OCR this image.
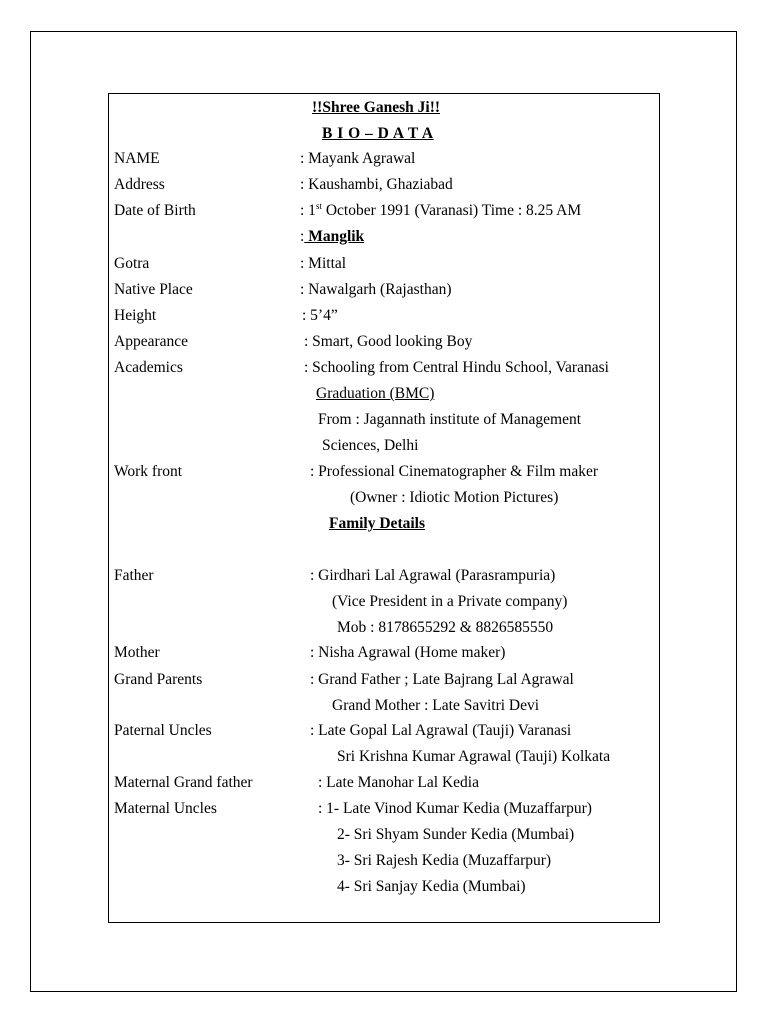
!!Shree Ganesh Ji!!
B I O – D A T A
NAME	: Mayank Agrawal
Address	: Kaushambi, Ghaziabad
Date of Birth	: 1st October 1991 (Varanasi) Time : 8.25 AM
: Manglik
Gotra	: Mittal
Native Place	: Nawalgarh (Rajasthan)
Height	: 5’4”
Appearance	: Smart, Good looking Boy
Academics	: Schooling from Central Hindu School, Varanasi
Graduation (BMC)
From : Jagannath institute of Management
Sciences, Delhi
Work front	: Professional Cinematographer & Film maker
(Owner : Idiotic Motion Pictures)
Family Details
Father	: Girdhari Lal Agrawal (Parasrampuria)
(Vice President in a Private company)
Mob : 8178655292 & 8826585550
Mother	: Nisha Agrawal (Home maker)
Grand Parents	: Grand Father ; Late Bajrang Lal Agrawal
Grand Mother : Late Savitri Devi
Paternal Uncles	: Late Gopal Lal Agrawal (Tauji) Varanasi
Sri Krishna Kumar Agrawal (Tauji) Kolkata
Maternal Grand father	: Late Manohar Lal Kedia
Maternal Uncles	: 1- Late Vinod Kumar Kedia (Muzaffarpur)
2- Sri Shyam Sunder Kedia (Mumbai)
3- Sri Rajesh Kedia (Muzaffarpur)
4- Sri Sanjay Kedia (Mumbai)
